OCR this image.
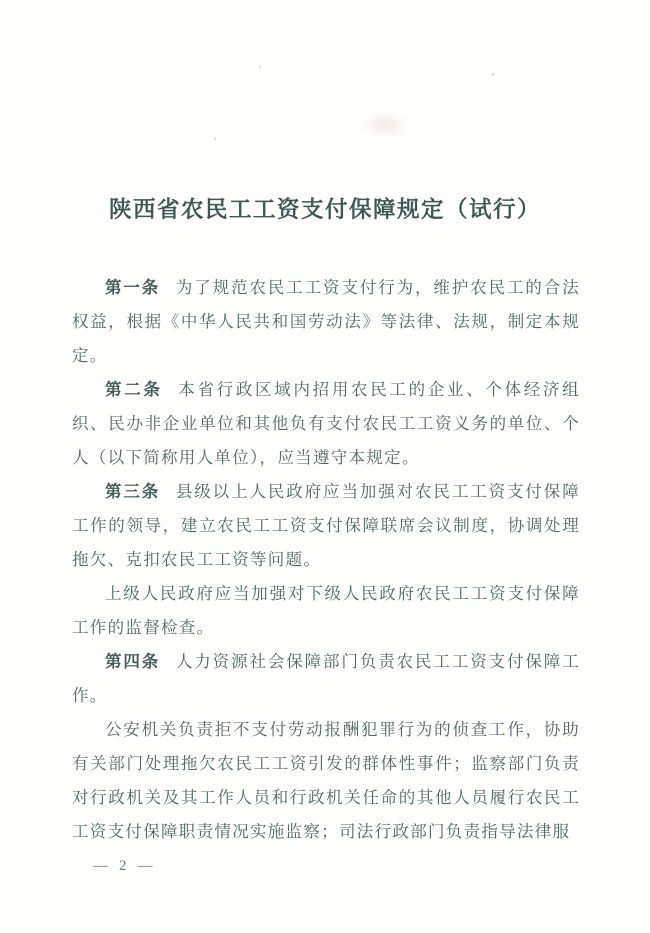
陕西省农民工工资支付保障规定（试行）

第一条 为了规范农民工工资支付行为，维护农民工的合法权益，根据《中华人民共和国劳动法》等法律、法规，制定本规定。

第二条 本省行政区域内招用农民工的企业、个体经济组织、民办非企业单位和其他负有支付农民工工资义务的单位、个人（以下简称用人单位），应当遵守本规定。

第三条 县级以上人民政府应当加强对农民工工资支付保障工作的领导，建立农民工工资支付保障联席会议制度，协调处理拖欠、克扣农民工工资等问题。

上级人民政府应当加强对下级人民政府农民工工资支付保障工作的监督检查。

第四条 人力资源社会保障部门负责农民工工资支付保障工作。

公安机关负责拒不支付劳动报酬犯罪行为的侦查工作，协助有关部门处理拖欠农民工工资引发的群体性事件；监察部门负责对行政机关及其工作人员和行政机关任命的其他人员履行农民工工资支付保障职责情况实施监察；司法行政部门负责指导法律服

— 2 —
